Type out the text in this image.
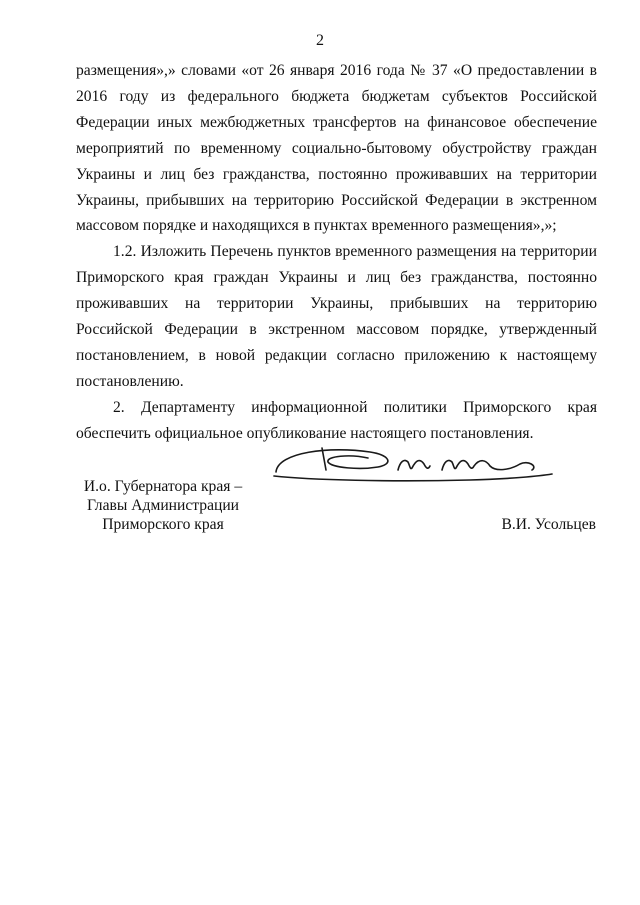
2

размещения»,» словами «от 26 января 2016 года № 37 «О предоставлении в 2016 году из федерального бюджета бюджетам субъектов Российской Федерации иных межбюджетных трансфертов на финансовое обеспечение мероприятий по временному социально-бытовому обустройству граждан Украины и лиц без гражданства, постоянно проживавших на территории Украины, прибывших на территорию Российской Федерации в экстренном массовом порядке и находящихся в пунктах временного размещения»,»;

1.2. Изложить Перечень пунктов временного размещения на территории Приморского края граждан Украины и лиц без гражданства, постоянно проживавших на территории Украины, прибывших на территорию Российской Федерации в экстренном массовом порядке, утвержденный постановлением, в новой редакции согласно приложению к настоящему постановлению.

2. Департаменту информационной политики Приморского края обеспечить официальное опубликование настоящего постановления.

И.о. Губернатора края –
Главы Администрации
Приморского края	В.И. Усольцев
